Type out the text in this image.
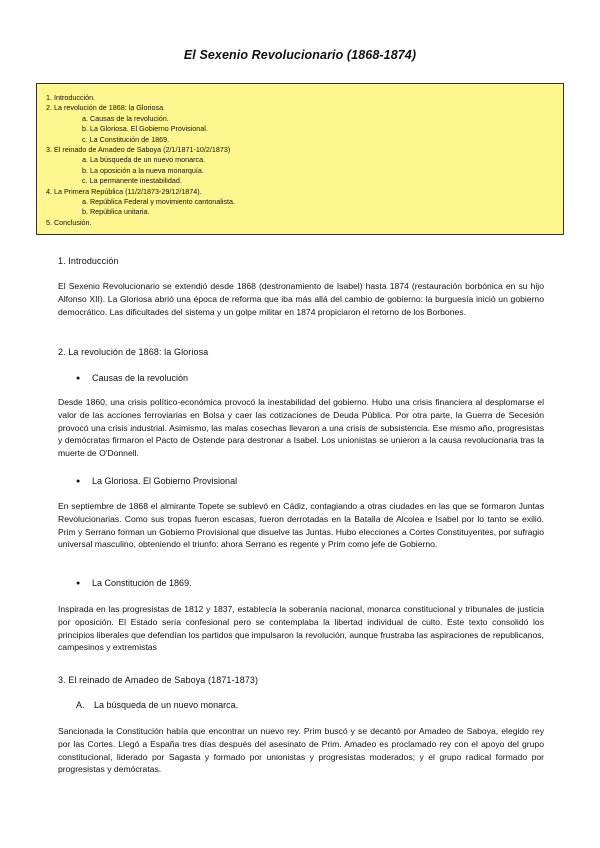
El Sexenio Revolucionario (1868-1874)
1. Introducción.
2. La revolución de 1868: la Gloriosa.
a. Causas de la revolución.
b. La Gloriosa. El Gobierno Provisional.
c. La Constitución de 1869.
3. El reinado de Amadeo de Saboya (2/1/1871-10/2/1873)
a. La búsqueda de un nuevo monarca.
b. La oposición a la nueva monarquía.
c. La permanente inestabilidad.
4. La Primera República (11/2/1873-29/12/1874).
a. República Federal y movimiento cantonalista.
b. República unitaria.
5. Conclusión.
1. Introducción
El Sexenio Revolucionario se extendió desde 1868 (destronamiento de Isabel) hasta 1874 (restauración borbónica en su hijo Alfonso XII). La Gloriosa abrió una época de reforma que iba más allá del cambio de gobierno: la burguesía inició un gobierno democrático. Las dificultades del sistema y un golpe militar en 1874 propiciaron el retorno de los Borbones.
2. La revolución de 1868: la Gloriosa
● Causas de la revolución
Desde 1860, una crisis político-económica provocó la inestabilidad del gobierno. Hubo una crisis financiera al desplomarse el valor de las acciones ferroviarias en Bolsa y caer las cotizaciones de Deuda Pública. Por otra parte, la Guerra de Secesión provocó una crisis industrial. Asimismo, las malas cosechas llevaron a una crisis de subsistencia. Ese mismo año, progresistas y demócratas firmaron el Pacto de Ostende para destronar a Isabel. Los unionistas se unieron a la causa revolucionaria tras la muerte de O'Donnell.
● La Gloriosa. El Gobierno Provisional
En septiembre de 1868 el almirante Topete se sublevó en Cádiz, contagiando a otras ciudades en las que se formaron Juntas Revolucionarias. Como sus tropas fueron escasas, fueron derrotadas en la Batalla de Alcolea e Isabel por lo tanto se exilió. Prim y Serrano forman un Gobierno Provisional que disuelve las Juntas. Hubo elecciones a Cortes Constituyentes, por sufragio universal masculino, obteniendo el triunfo: ahora Serrano es regente y Prim como jefe de Gobierno.
● La Constitución de 1869.
Inspirada en las progresistas de 1812 y 1837, establecía la soberanía nacional, monarca constitucional y tribunales de justicia por oposición. El Estado sería confesional pero se contemplaba la libertad individual de culto. Este texto consolidó los principios liberales que defendían los partidos que impulsaron la revolución, aunque frustraba las aspiraciones de republicanos, campesinos y extremistas
3. El reinado de Amadeo de Saboya (1871-1873)
A. La búsqueda de un nuevo monarca.
Sancionada la Constitución había que encontrar un nuevo rey. Prim buscó y se decantó por Amadeo de Saboya, elegido rey por las Cortes. Llegó a España tres días después del asesinato de Prim. Amadeo es proclamado rey con el apoyo del grupo constitucional, liderado por Sagasta y formado por unionistas y progresistas moderados; y el grupo radical formado por progresistas y demócratas.
